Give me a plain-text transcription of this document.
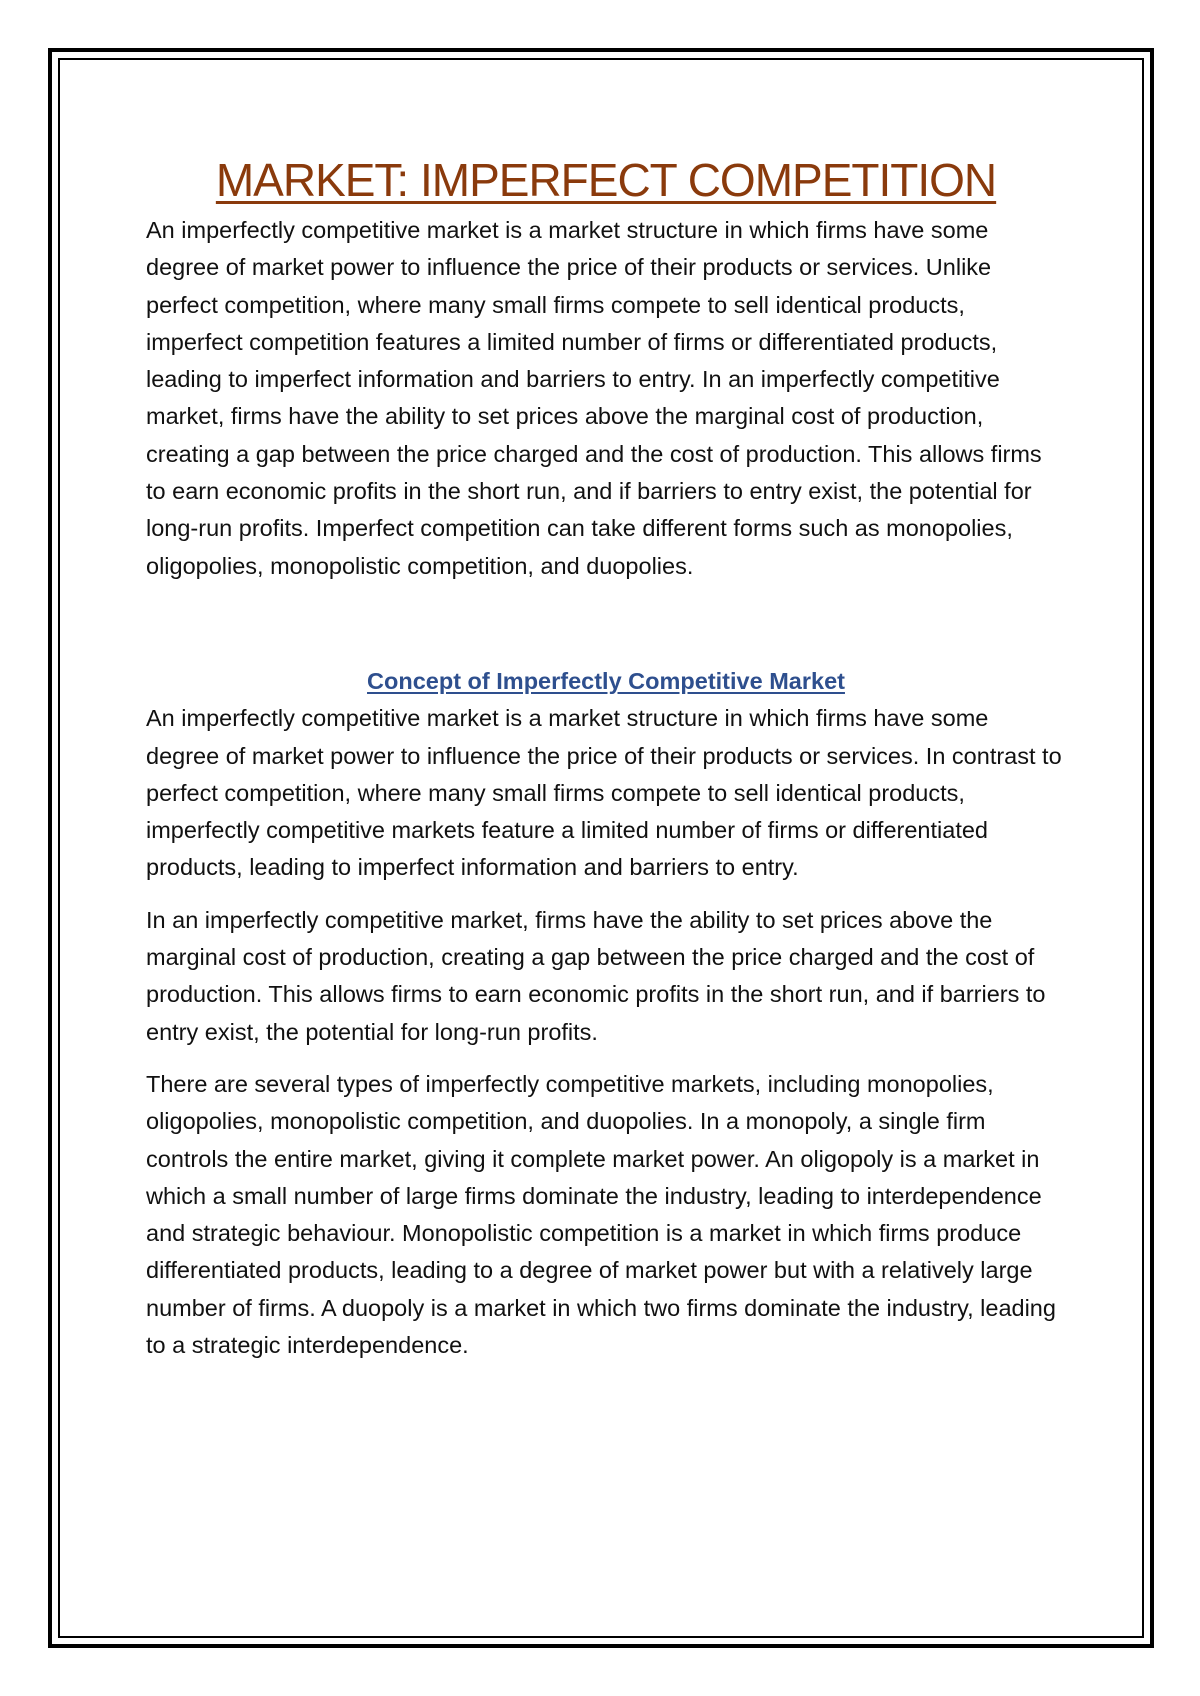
MARKET: IMPERFECT COMPETITION

An imperfectly competitive market is a market structure in which firms have some degree of market power to influence the price of their products or services. Unlike perfect competition, where many small firms compete to sell identical products, imperfect competition features a limited number of firms or differentiated products, leading to imperfect information and barriers to entry. In an imperfectly competitive market, firms have the ability to set prices above the marginal cost of production, creating a gap between the price charged and the cost of production. This allows firms to earn economic profits in the short run, and if barriers to entry exist, the potential for long-run profits. Imperfect competition can take different forms such as monopolies, oligopolies, monopolistic competition, and duopolies.

Concept of Imperfectly Competitive Market

An imperfectly competitive market is a market structure in which firms have some degree of market power to influence the price of their products or services. In contrast to perfect competition, where many small firms compete to sell identical products, imperfectly competitive markets feature a limited number of firms or differentiated products, leading to imperfect information and barriers to entry.

In an imperfectly competitive market, firms have the ability to set prices above the marginal cost of production, creating a gap between the price charged and the cost of production. This allows firms to earn economic profits in the short run, and if barriers to entry exist, the potential for long-run profits.

There are several types of imperfectly competitive markets, including monopolies, oligopolies, monopolistic competition, and duopolies. In a monopoly, a single firm controls the entire market, giving it complete market power. An oligopoly is a market in which a small number of large firms dominate the industry, leading to interdependence and strategic behaviour. Monopolistic competition is a market in which firms produce differentiated products, leading to a degree of market power but with a relatively large number of firms. A duopoly is a market in which two firms dominate the industry, leading to a strategic interdependence.
